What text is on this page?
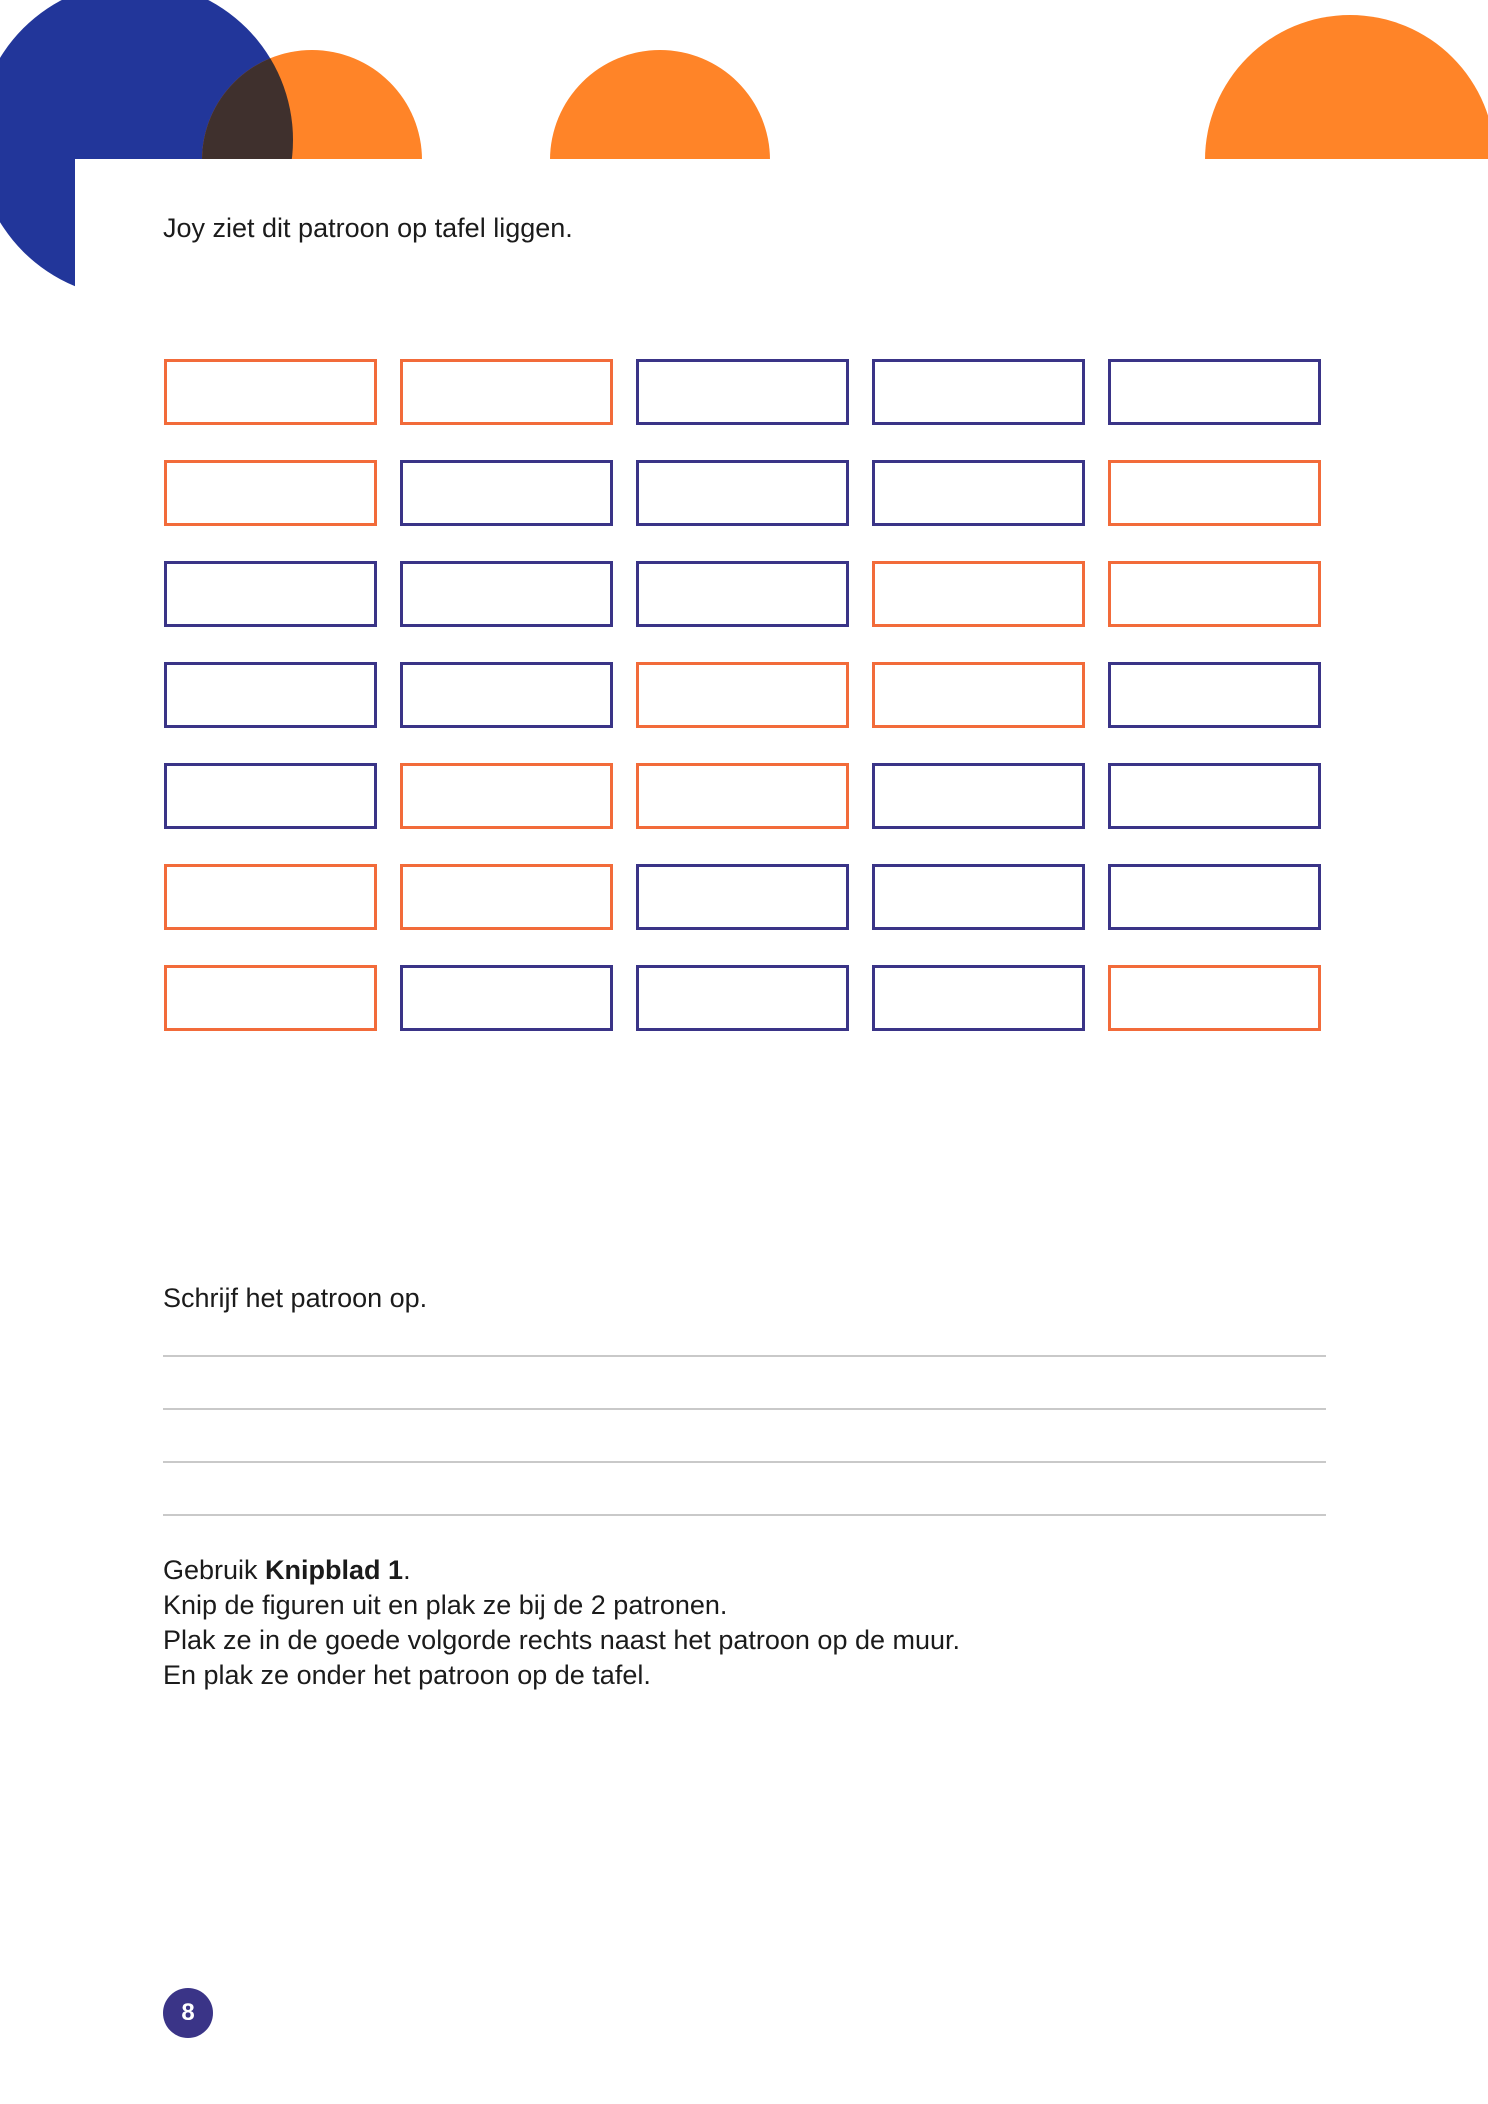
Joy ziet dit patroon op tafel liggen.

Schrijf het patroon op.

Gebruik Knipblad 1.

Knip de figuren uit en plak ze bij de 2 patronen.

Plak ze in de goede volgorde rechts naast het patroon op de muur.

En plak ze onder het patroon op de tafel.

8
